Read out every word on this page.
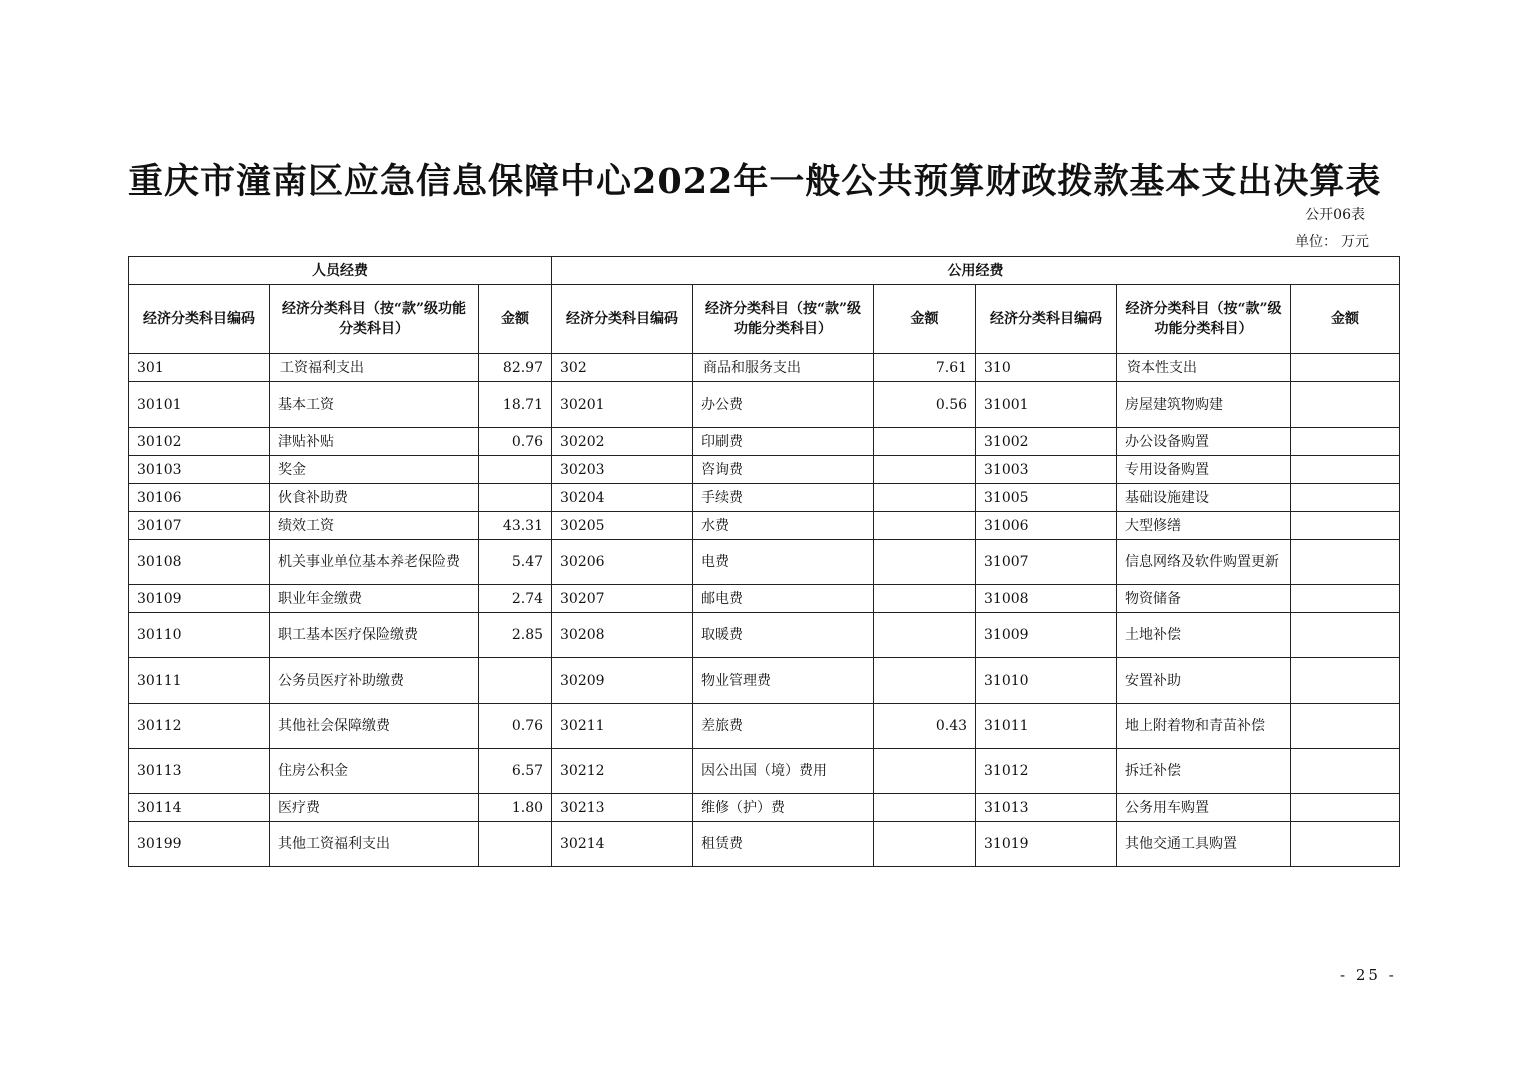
重庆市潼南区应急信息保障中心2022年一般公共预算财政拨款基本支出决算表
公开06表
单位： 万元
人员经费			公用经费					
经济分类科目编码	经济分类科目（按“款”级功能分类科目）	金额	经济分类科目编码	经济分类科目（按“款”级功能分类科目）	金额	经济分类科目编码	经济分类科目（按“款”级功能分类科目）	金额
301	工资福利支出	82.97	302	商品和服务支出	7.61	310	资本性支出	
30101	基本工资	18.71	30201	办公费	0.56	31001	房屋建筑物购建	
30102	津贴补贴	0.76	30202	印刷费		31002	办公设备购置	
30103	奖金		30203	咨询费		31003	专用设备购置	
30106	伙食补助费		30204	手续费		31005	基础设施建设	
30107	绩效工资	43.31	30205	水费		31006	大型修缮	
30108	机关事业单位基本养老保险费	5.47	30206	电费		31007	信息网络及软件购置更新	
30109	职业年金缴费	2.74	30207	邮电费		31008	物资储备	
30110	职工基本医疗保险缴费	2.85	30208	取暖费		31009	土地补偿	
30111	公务员医疗补助缴费		30209	物业管理费		31010	安置补助	
30112	其他社会保障缴费	0.76	30211	差旅费	0.43	31011	地上附着物和青苗补偿	
30113	住房公积金	6.57	30212	因公出国（境）费用		31012	拆迁补偿	
30114	医疗费	1.80	30213	维修（护）费		31013	公务用车购置	
30199	其他工资福利支出		30214	租赁费		31019	其他交通工具购置	
- 25 -
